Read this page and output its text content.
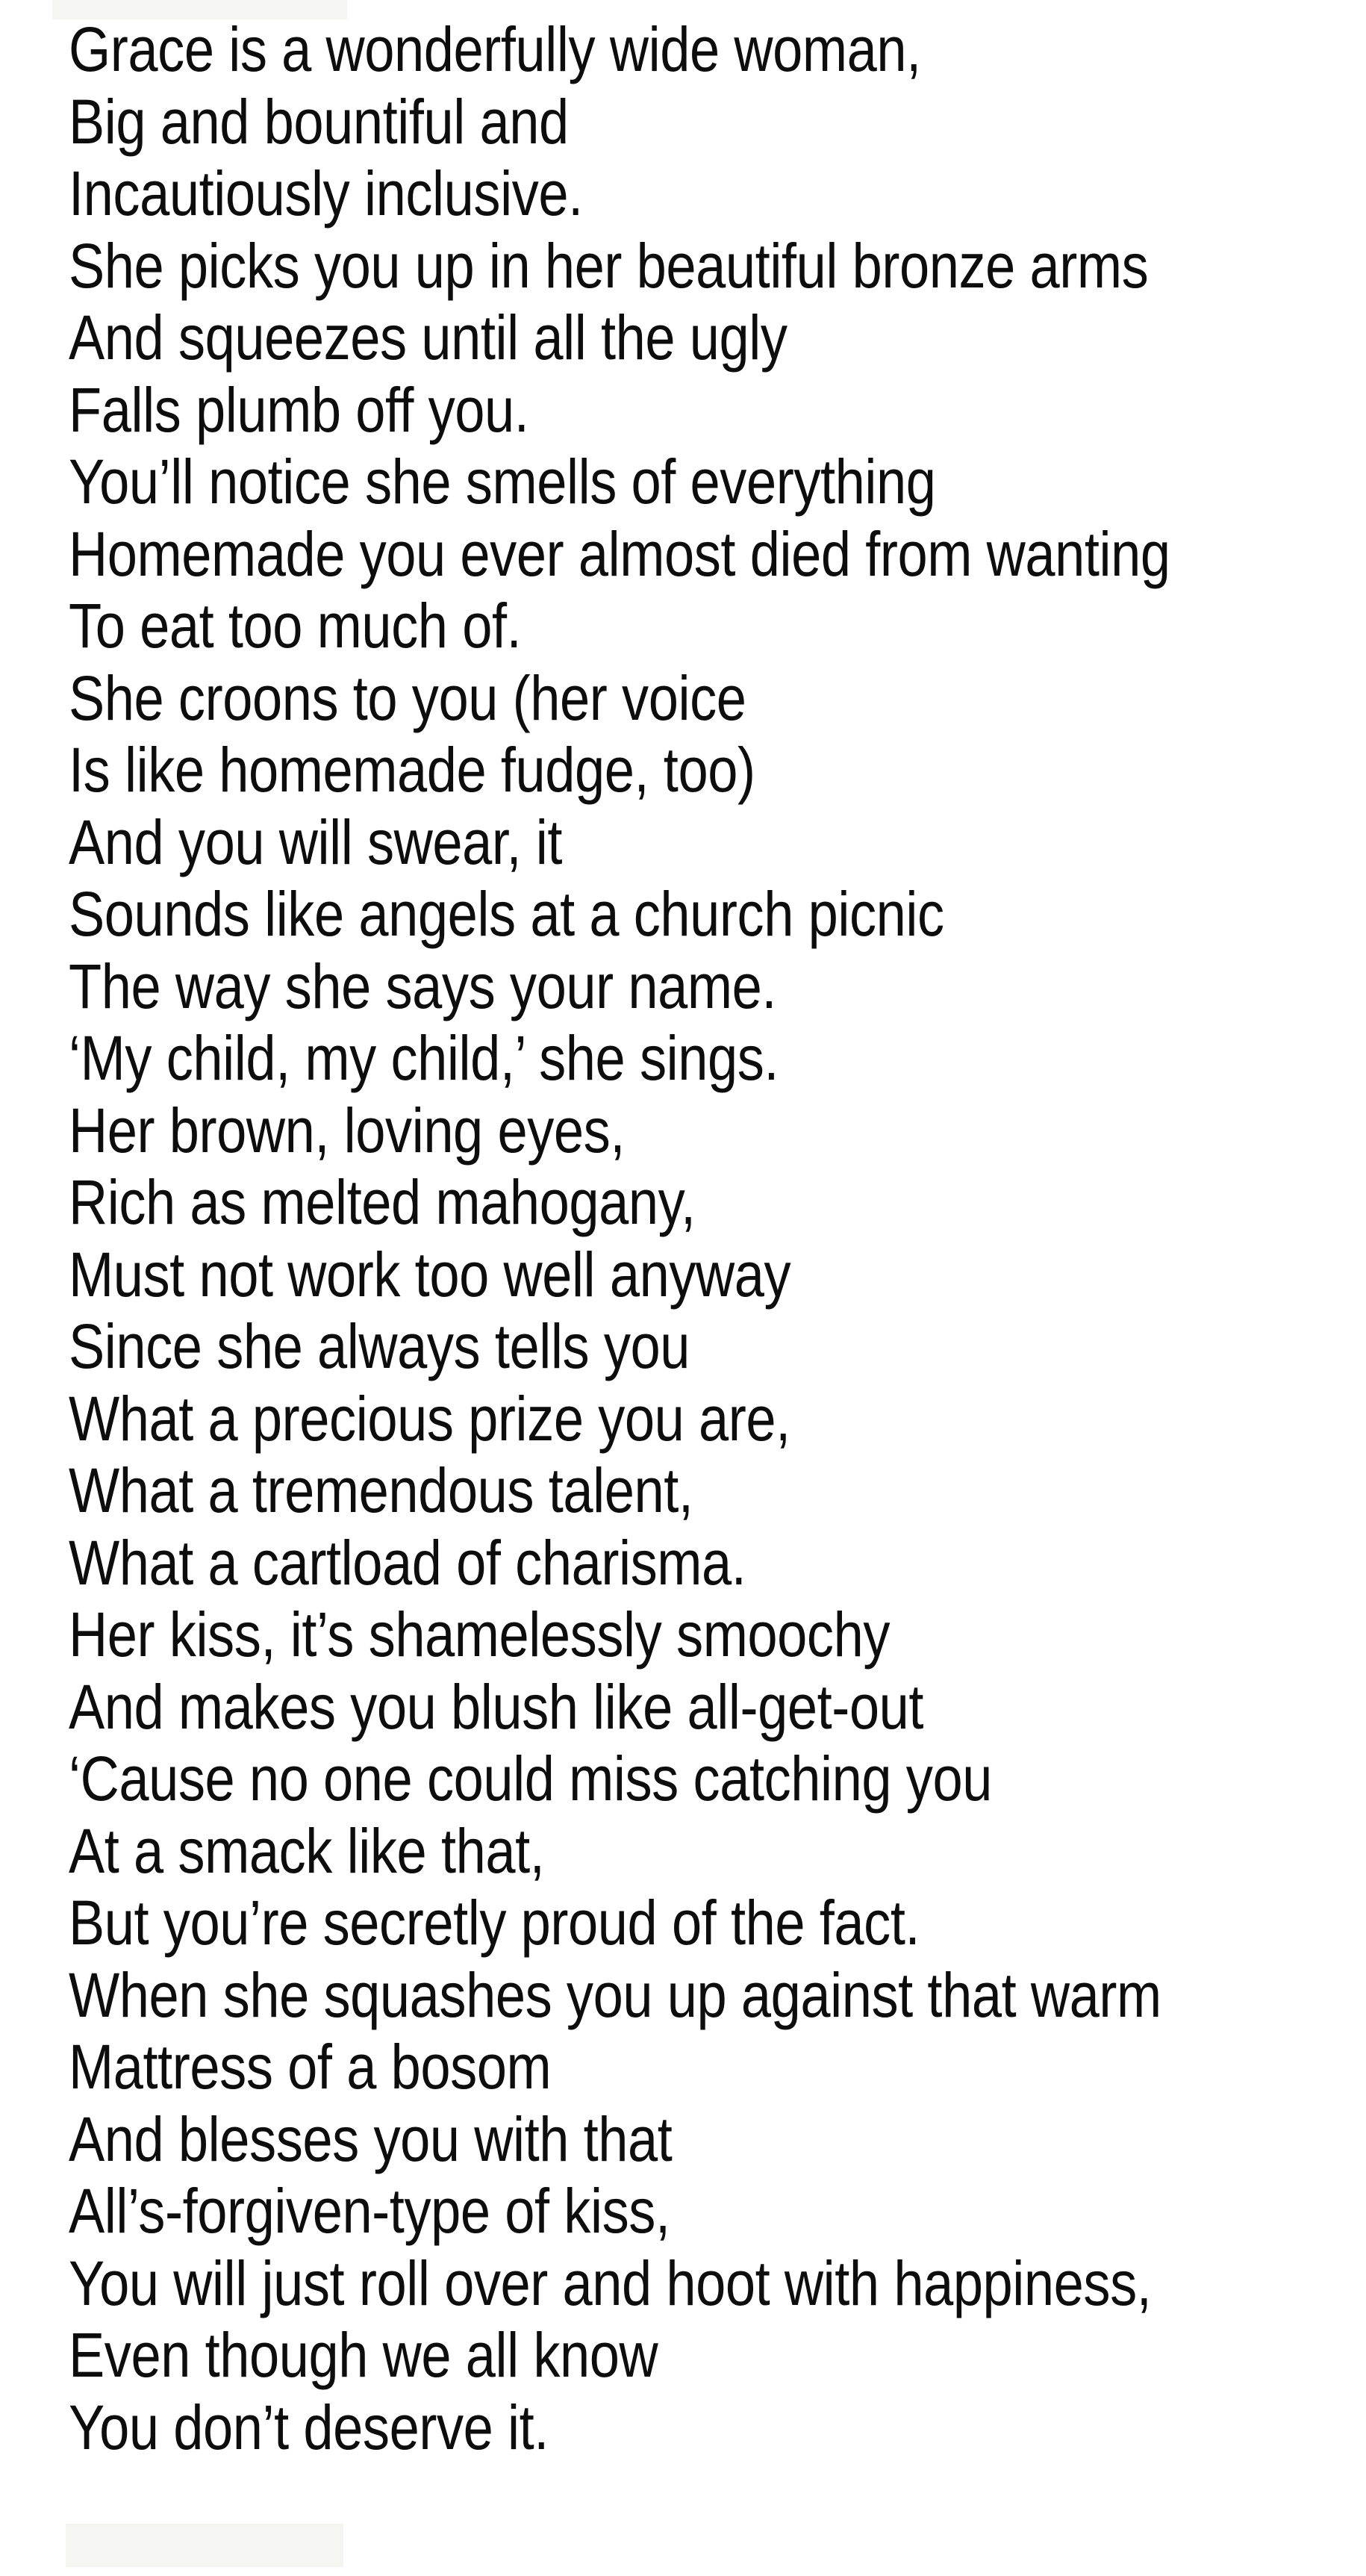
Grace is a wonderfully wide woman,
Big and bountiful and
Incautiously inclusive.
She picks you up in her beautiful bronze arms
And squeezes until all the ugly
Falls plumb off you.
You’ll notice she smells of everything
Homemade you ever almost died from wanting
To eat too much of.
She croons to you (her voice
Is like homemade fudge, too)
And you will swear, it
Sounds like angels at a church picnic
The way she says your name.
‘My child, my child,’ she sings.
Her brown, loving eyes,
Rich as melted mahogany,
Must not work too well anyway
Since she always tells you
What a precious prize you are,
What a tremendous talent,
What a cartload of charisma.
Her kiss, it’s shamelessly smoochy
And makes you blush like all-get-out
‘Cause no one could miss catching you
At a smack like that,
But you’re secretly proud of the fact.
When she squashes you up against that warm
Mattress of a bosom
And blesses you with that
All’s-forgiven-type of kiss,
You will just roll over and hoot with happiness,
Even though we all know
You don’t deserve it.
